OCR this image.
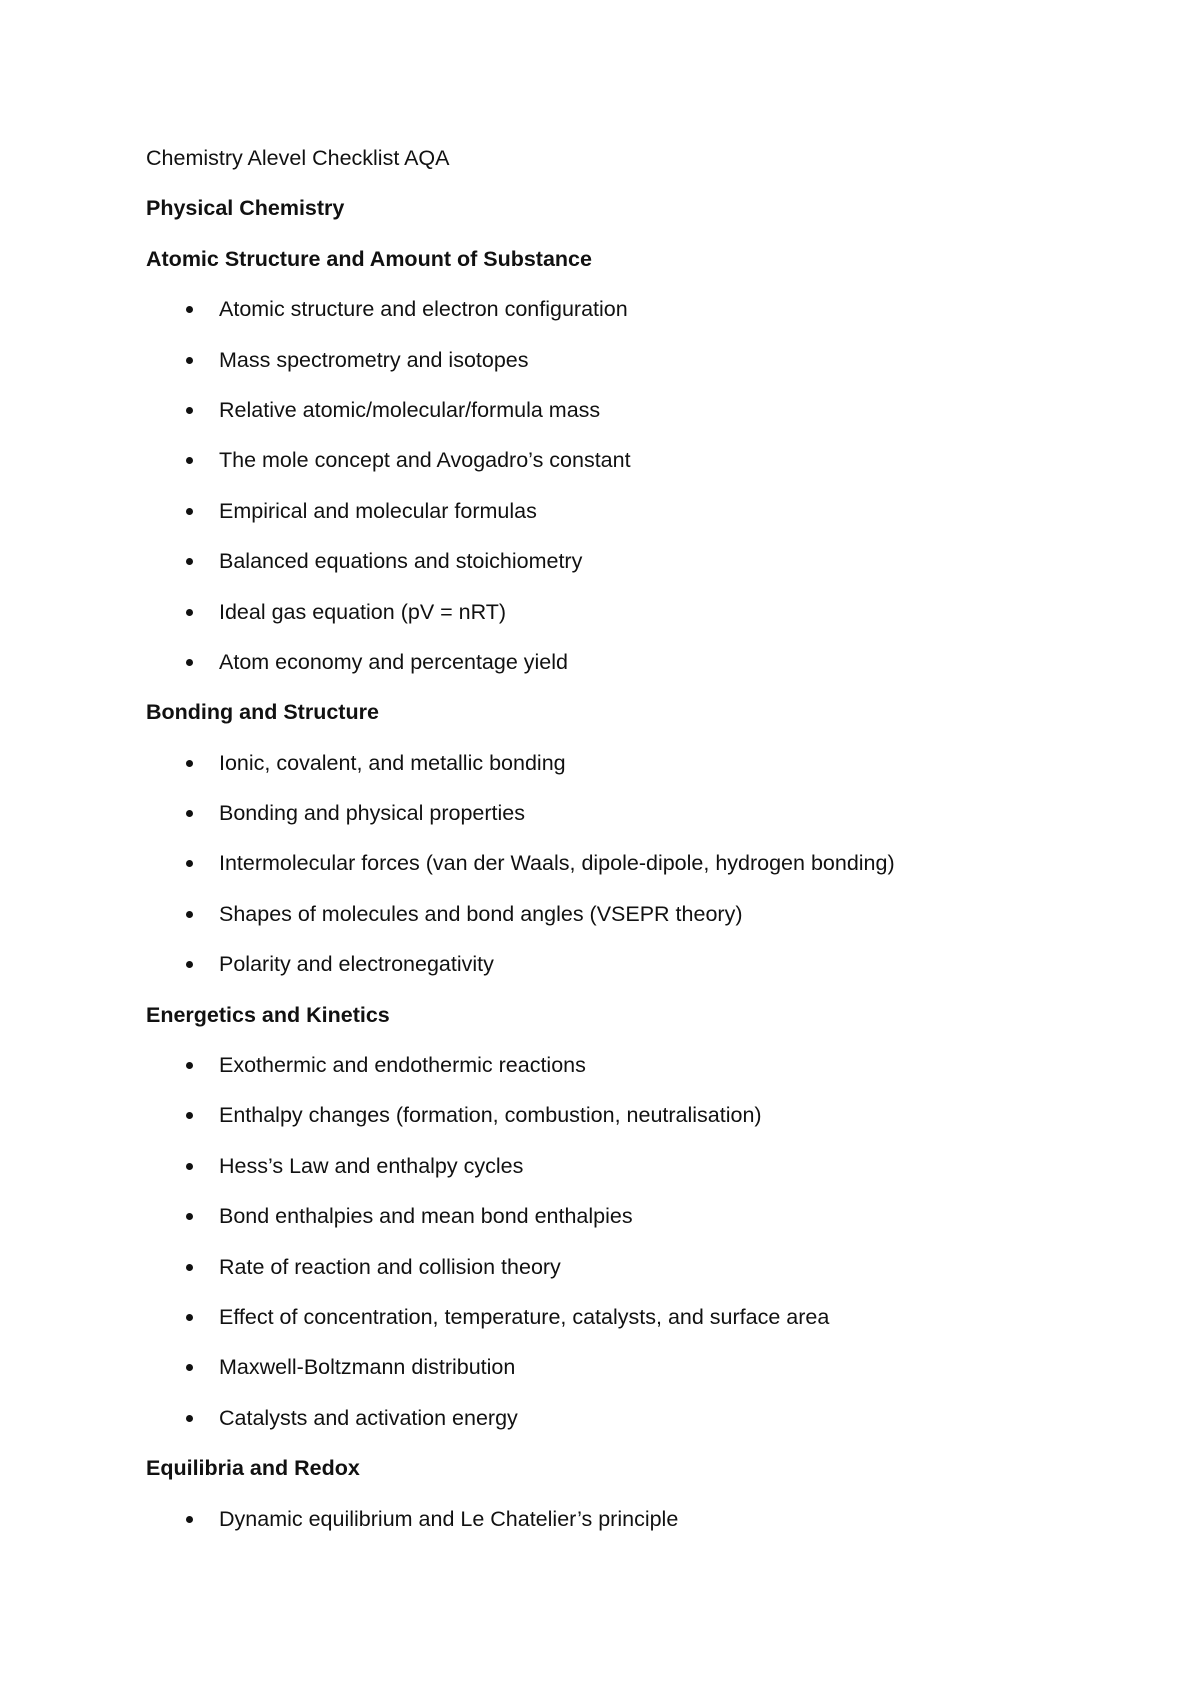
Chemistry Alevel Checklist AQA
Physical Chemistry
Atomic Structure and Amount of Substance
Atomic structure and electron configuration
Mass spectrometry and isotopes
Relative atomic/molecular/formula mass
The mole concept and Avogadro’s constant
Empirical and molecular formulas
Balanced equations and stoichiometry
Ideal gas equation (pV = nRT)
Atom economy and percentage yield
Bonding and Structure
Ionic, covalent, and metallic bonding
Bonding and physical properties
Intermolecular forces (van der Waals, dipole-dipole, hydrogen bonding)
Shapes of molecules and bond angles (VSEPR theory)
Polarity and electronegativity
Energetics and Kinetics
Exothermic and endothermic reactions
Enthalpy changes (formation, combustion, neutralisation)
Hess’s Law and enthalpy cycles
Bond enthalpies and mean bond enthalpies
Rate of reaction and collision theory
Effect of concentration, temperature, catalysts, and surface area
Maxwell-Boltzmann distribution
Catalysts and activation energy
Equilibria and Redox
Dynamic equilibrium and Le Chatelier’s principle
